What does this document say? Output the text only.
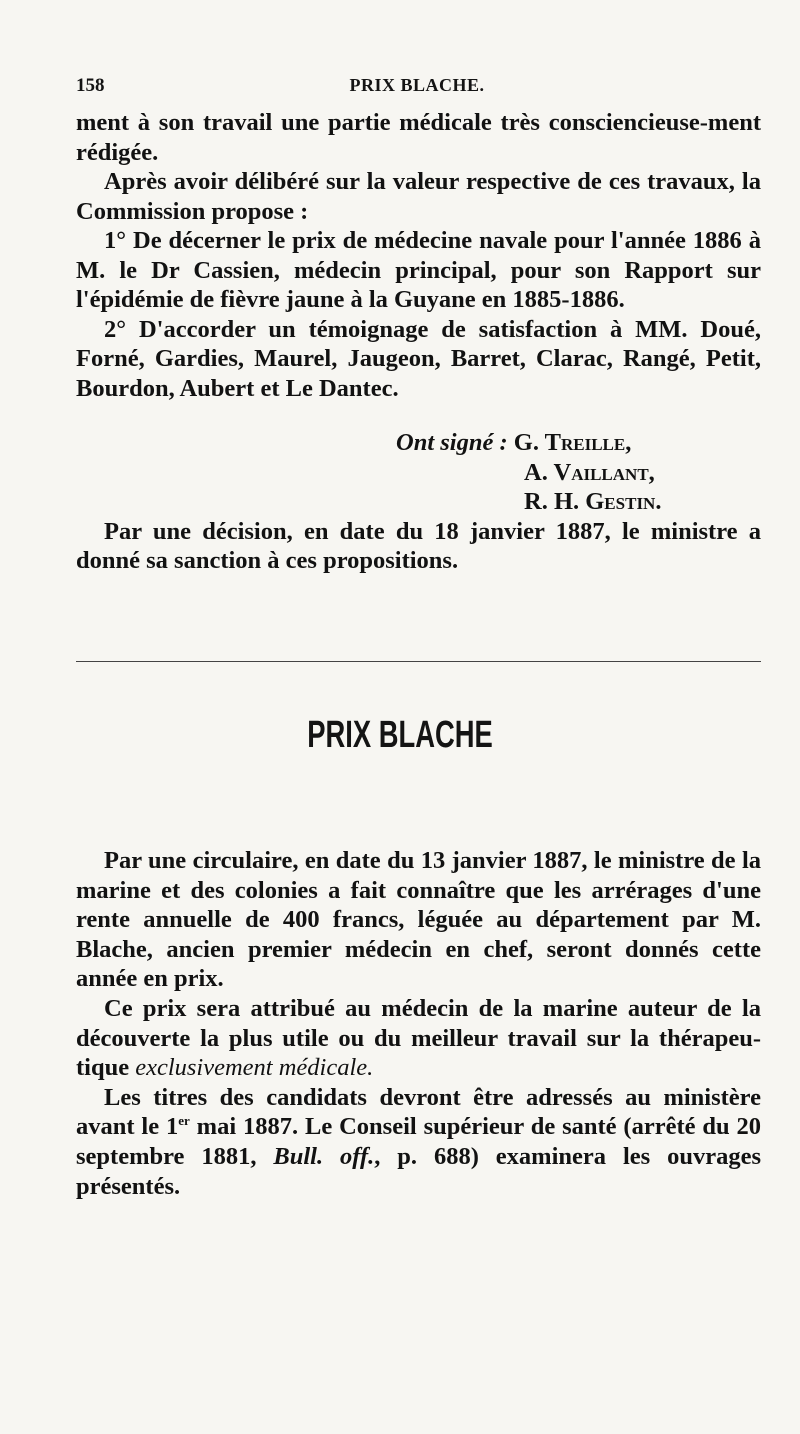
158	PRIX BLACHE.

ment à son travail une partie médicale très consciencieuse-ment rédigée.

Après avoir délibéré sur la valeur respective de ces travaux, la Commission propose :

1° De décerner le prix de médecine navale pour l'année 1886 à M. le Dr Cassien, médecin principal, pour son Rapport sur l'épidémie de fièvre jaune à la Guyane en 1885-1886.

2° D'accorder un témoignage de satisfaction à MM. Doué, Forné, Gardies, Maurel, Jaugeon, Barret, Clarac, Rangé, Petit, Bourdon, Aubert et Le Dantec.

Ont signé : G. Treille,
A. Vaillant,
R. H. Gestin.

Par une décision, en date du 18 janvier 1887, le ministre a donné sa sanction à ces propositions.

PRIX BLACHE

Par une circulaire, en date du 13 janvier 1887, le ministre de la marine et des colonies a fait connaître que les arrérages d'une rente annuelle de 400 francs, léguée au département par M. Blache, ancien premier médecin en chef, seront donnés cette année en prix.

Ce prix sera attribué au médecin de la marine auteur de la découverte la plus utile ou du meilleur travail sur la thérapeu-tique exclusivement médicale.

Les titres des candidats devront être adressés au ministère avant le 1er mai 1887. Le Conseil supérieur de santé (arrêté du 20 septembre 1881, Bull. off., p. 688) examinera les ouvrages présentés.
